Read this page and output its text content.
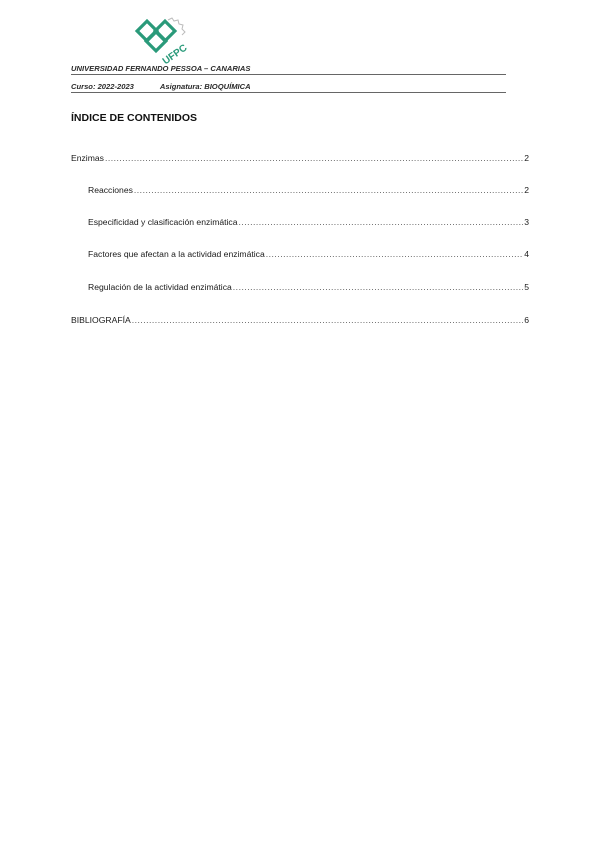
UFPC
UNIVERSIDAD FERNANDO PESSOA – CANARIAS
Curso: 2022-2023	Asignatura: BIOQUÍMICA
ÍNDICE DE CONTENIDOS
Enzimas .....	2
Reacciones .....	2
Especificidad y clasificación enzimática .....	3
Factores que afectan a la actividad enzimática .....	4
Regulación de la actividad enzimática .....	5
BIBLIOGRAFÍA .....	6
